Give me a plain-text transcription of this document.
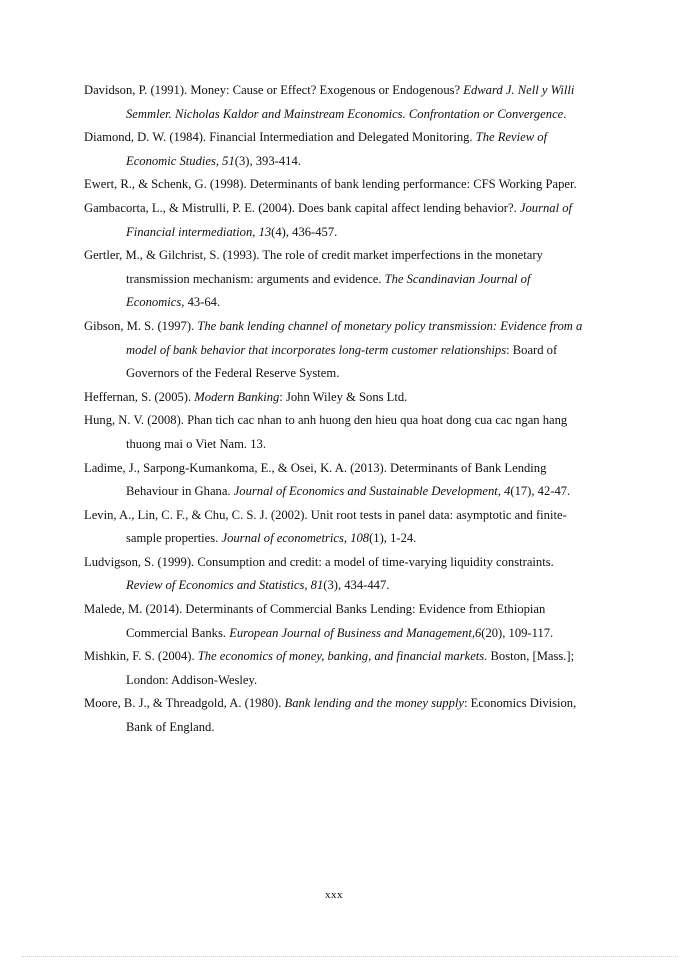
Davidson, P. (1991). Money: Cause or Effect? Exogenous or Endogenous? Edward J. Nell y Willi Semmler. Nicholas Kaldor and Mainstream Economics. Confrontation or Convergence.

Diamond, D. W. (1984). Financial Intermediation and Delegated Monitoring. The Review of Economic Studies, 51(3), 393-414.

Ewert, R., & Schenk, G. (1998). Determinants of bank lending performance: CFS Working Paper.

Gambacorta, L., & Mistrulli, P. E. (2004). Does bank capital affect lending behavior?. Journal of Financial intermediation, 13(4), 436-457.

Gertler, M., & Gilchrist, S. (1993). The role of credit market imperfections in the monetary transmission mechanism: arguments and evidence. The Scandinavian Journal of Economics, 43-64.

Gibson, M. S. (1997). The bank lending channel of monetary policy transmission: Evidence from a model of bank behavior that incorporates long-term customer relationships: Board of Governors of the Federal Reserve System.

Heffernan, S. (2005). Modern Banking: John Wiley & Sons Ltd.

Hung, N. V. (2008). Phan tich cac nhan to anh huong den hieu qua hoat dong cua cac ngan hang thuong mai o Viet Nam. 13.

Ladime, J., Sarpong-Kumankoma, E., & Osei, K. A. (2013). Determinants of Bank Lending Behaviour in Ghana. Journal of Economics and Sustainable Development, 4(17), 42-47.

Levin, A., Lin, C. F., & Chu, C. S. J. (2002). Unit root tests in panel data: asymptotic and finite-sample properties. Journal of econometrics, 108(1), 1-24.

Ludvigson, S. (1999). Consumption and credit: a model of time-varying liquidity constraints. Review of Economics and Statistics, 81(3), 434-447.

Malede, M. (2014). Determinants of Commercial Banks Lending: Evidence from Ethiopian Commercial Banks. European Journal of Business and Management,6(20), 109-117.

Mishkin, F. S. (2004). The economics of money, banking, and financial markets. Boston, [Mass.]; London: Addison-Wesley.

Moore, B. J., & Threadgold, A. (1980). Bank lending and the money supply: Economics Division, Bank of England.

xxx
